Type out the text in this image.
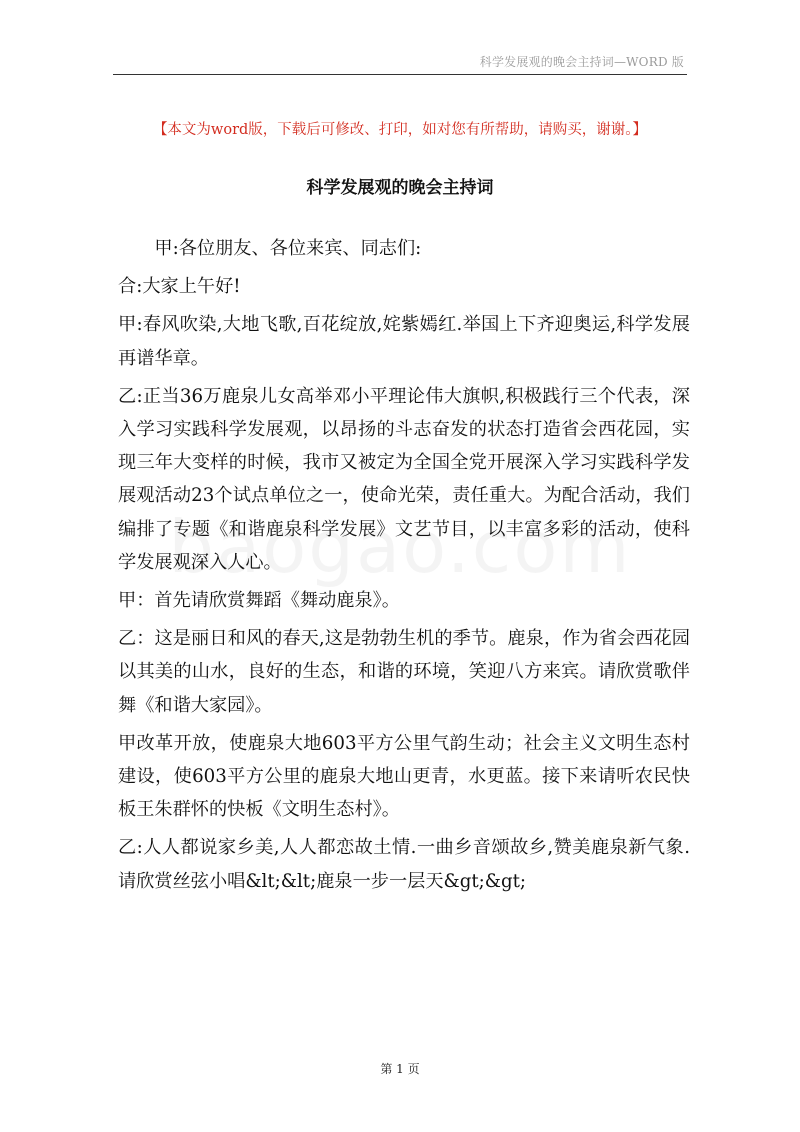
科学发展观的晚会主持词—WORD 版
【本文为word版，下载后可修改、打印，如对您有所帮助，请购买，谢谢。】
科学发展观的晚会主持词

甲:各位朋友、各位来宾、同志们:

合:大家上午好!

甲:春风吹染,大地飞歌,百花绽放,姹紫嫣红.举国上下齐迎奥运,科学发展再谱华章。

乙:正当36万鹿泉儿女高举邓小平理论伟大旗帜,积极践行三个代表，深入学习实践科学发展观，以昂扬的斗志奋发的状态打造省会西花园，实现三年大变样的时候，我市又被定为全国全党开展深入学习实践科学发展观活动23个试点单位之一，使命光荣，责任重大。为配合活动，我们编排了专题《和谐鹿泉科学发展》文艺节目，以丰富多彩的活动，使科学发展观深入人心。

甲：首先请欣赏舞蹈《舞动鹿泉》。

乙：这是丽日和风的春天,这是勃勃生机的季节。鹿泉，作为省会西花园以其美的山水，良好的生态，和谐的环境，笑迎八方来宾。请欣赏歌伴舞《和谐大家园》。

甲改革开放，使鹿泉大地603平方公里气韵生动；社会主义文明生态村建设，使603平方公里的鹿泉大地山更青，水更蓝。接下来请听农民快板王朱群怀的快板《文明生态村》。

乙:人人都说家乡美,人人都恋故土情.一曲乡音颂故乡,赞美鹿泉新气象.请欣赏丝弦小唱&lt;&lt;鹿泉一步一层天&gt;&gt;

第 1 页
